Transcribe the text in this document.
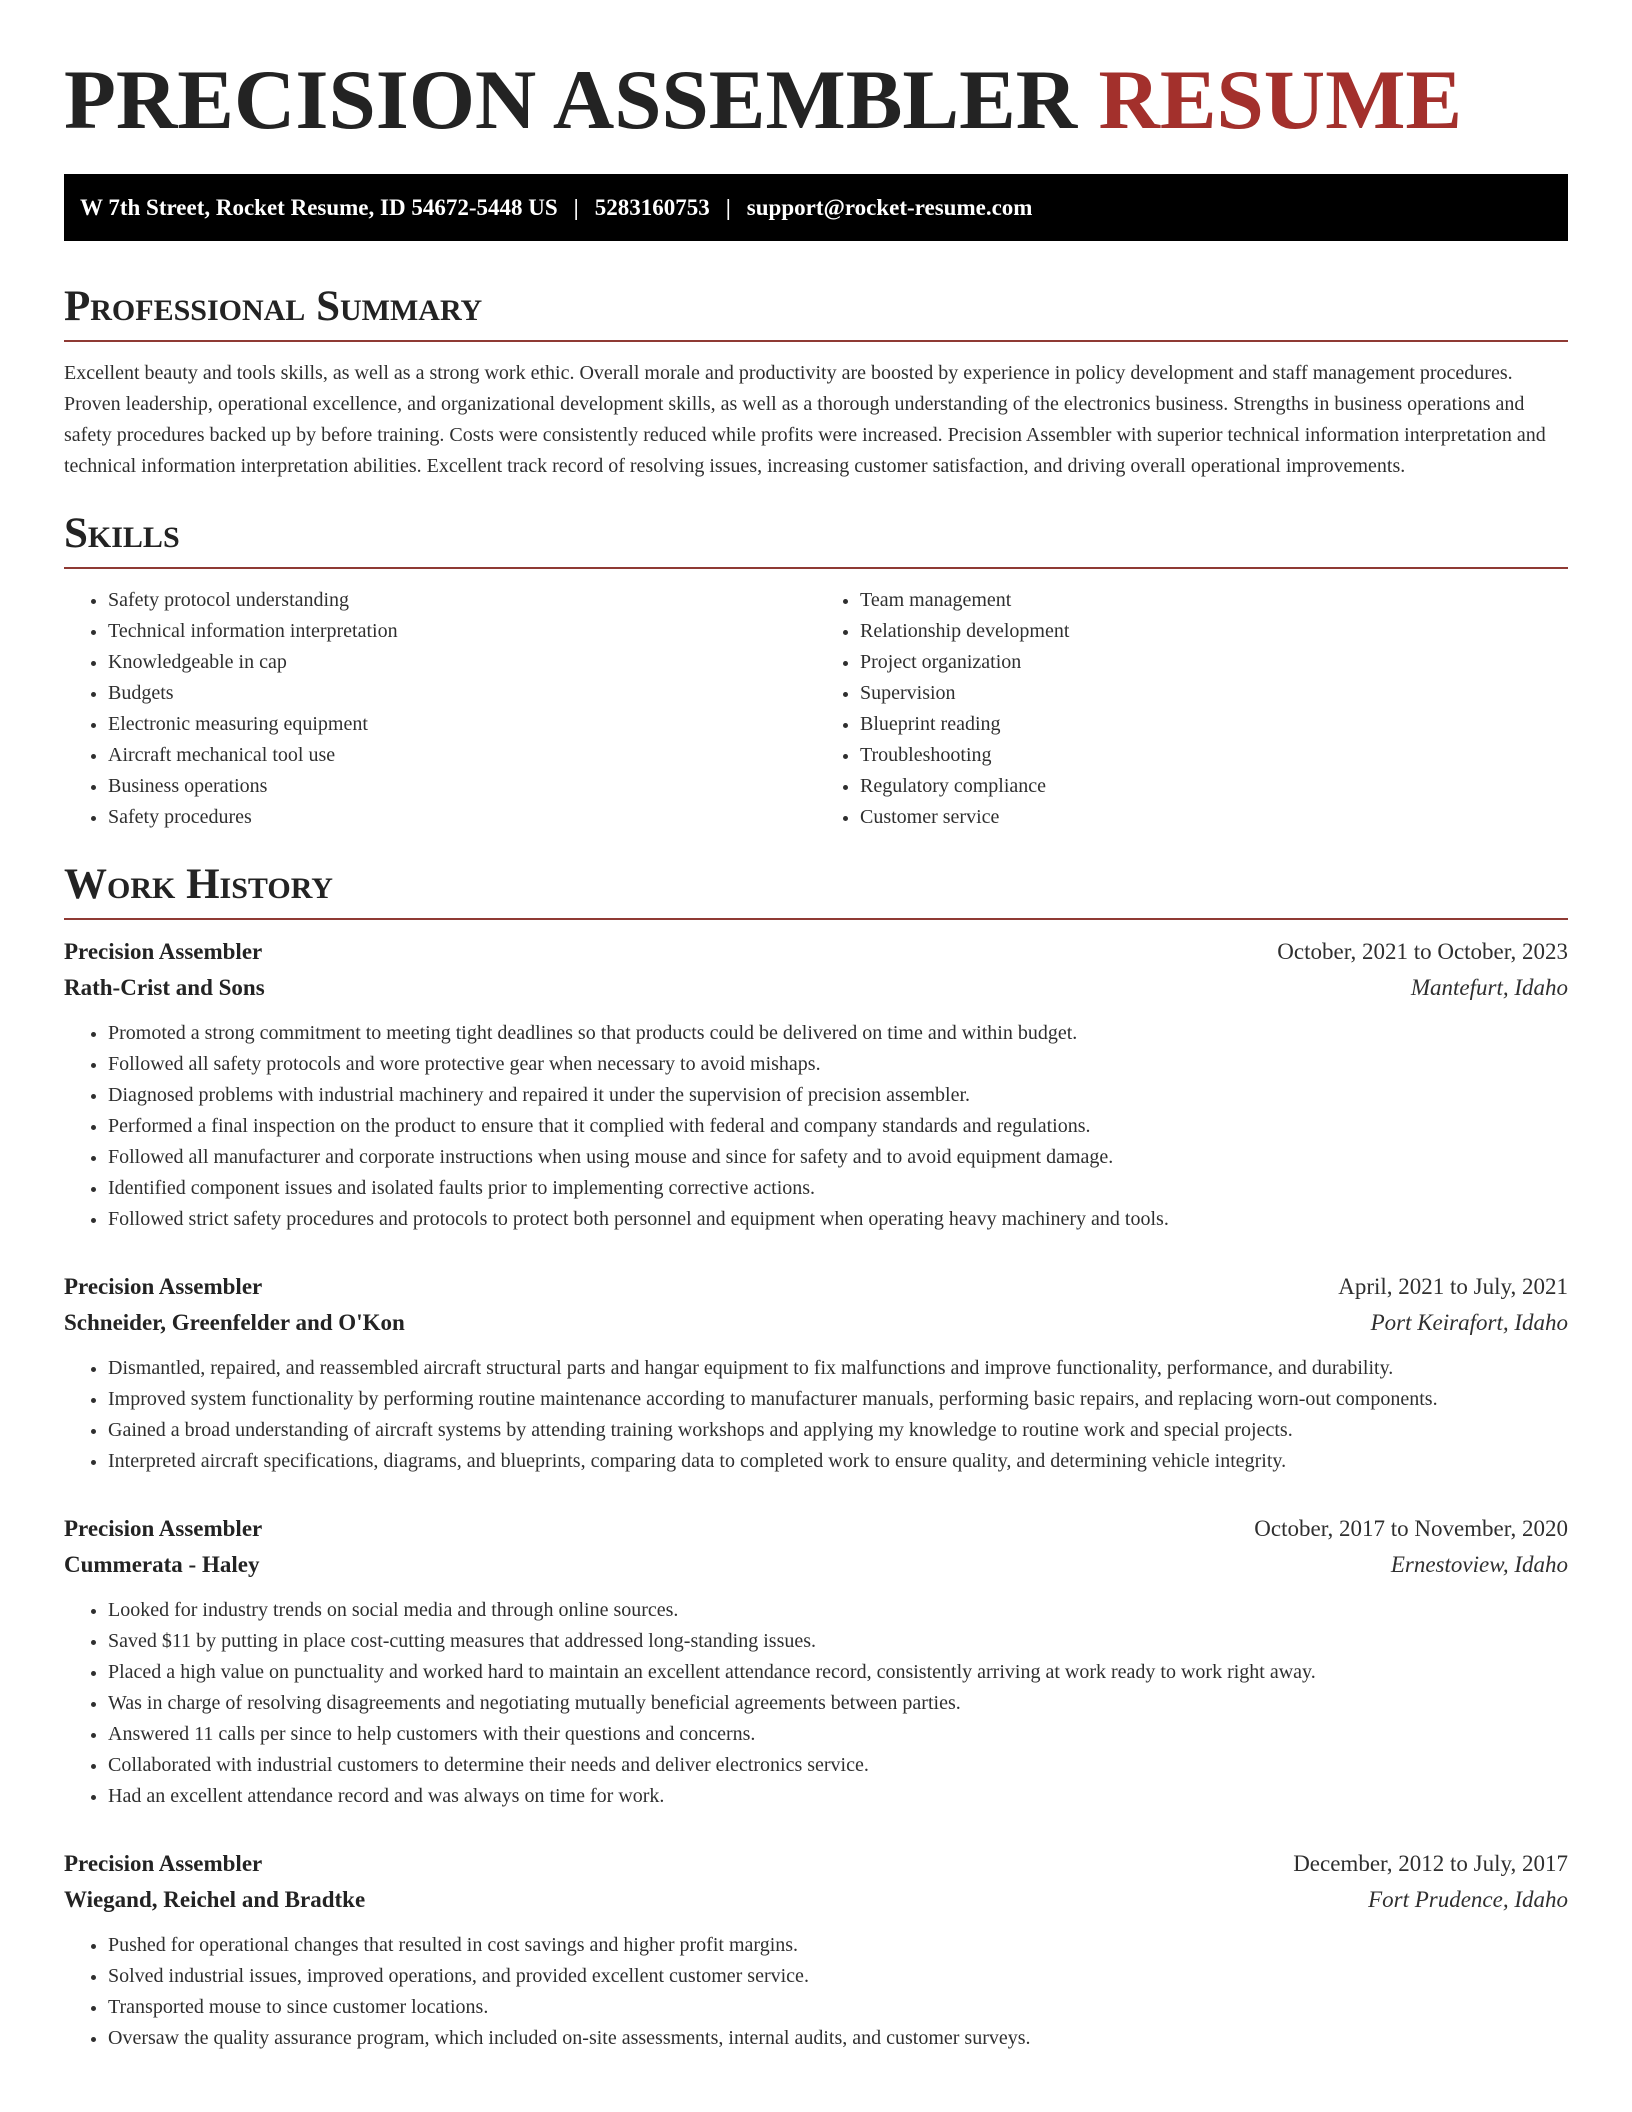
PRECISION ASSEMBLER RESUME
W 7th Street, Rocket Resume, ID 54672-5448 US | 5283160753 | support@rocket-resume.com
Professional Summary

Excellent beauty and tools skills, as well as a strong work ethic. Overall morale and productivity are boosted by experience in policy development and staff management procedures. Proven leadership, operational excellence, and organizational development skills, as well as a thorough understanding of the electronics business. Strengths in business operations and safety procedures backed up by before training. Costs were consistently reduced while profits were increased. Precision Assembler with superior technical information interpretation and technical information interpretation abilities. Excellent track record of resolving issues, increasing customer satisfaction, and driving overall operational improvements.

Skills
• Safety protocol understanding
• Technical information interpretation
• Knowledgeable in cap
• Budgets
• Electronic measuring equipment
• Aircraft mechanical tool use
• Business operations
• Safety procedures
• Team management
• Relationship development
• Project organization
• Supervision
• Blueprint reading
• Troubleshooting
• Regulatory compliance
• Customer service
Work History
Precision Assembler	October, 2021 to October, 2023
Rath-Crist and Sons	Mantefurt, Idaho
• Promoted a strong commitment to meeting tight deadlines so that products could be delivered on time and within budget.
• Followed all safety protocols and wore protective gear when necessary to avoid mishaps.
• Diagnosed problems with industrial machinery and repaired it under the supervision of precision assembler.
• Performed a final inspection on the product to ensure that it complied with federal and company standards and regulations.
• Followed all manufacturer and corporate instructions when using mouse and since for safety and to avoid equipment damage.
• Identified component issues and isolated faults prior to implementing corrective actions.
• Followed strict safety procedures and protocols to protect both personnel and equipment when operating heavy machinery and tools.
Precision Assembler	April, 2021 to July, 2021
Schneider, Greenfelder and O'Kon	Port Keirafort, Idaho
• Dismantled, repaired, and reassembled aircraft structural parts and hangar equipment to fix malfunctions and improve functionality, performance, and durability.
• Improved system functionality by performing routine maintenance according to manufacturer manuals, performing basic repairs, and replacing worn-out components.
• Gained a broad understanding of aircraft systems by attending training workshops and applying my knowledge to routine work and special projects.
• Interpreted aircraft specifications, diagrams, and blueprints, comparing data to completed work to ensure quality, and determining vehicle integrity.
Precision Assembler	October, 2017 to November, 2020
Cummerata - Haley	Ernestoview, Idaho
• Looked for industry trends on social media and through online sources.
• Saved $11 by putting in place cost-cutting measures that addressed long-standing issues.
• Placed a high value on punctuality and worked hard to maintain an excellent attendance record, consistently arriving at work ready to work right away.
• Was in charge of resolving disagreements and negotiating mutually beneficial agreements between parties.
• Answered 11 calls per since to help customers with their questions and concerns.
• Collaborated with industrial customers to determine their needs and deliver electronics service.
• Had an excellent attendance record and was always on time for work.
Precision Assembler	December, 2012 to July, 2017
Wiegand, Reichel and Bradtke	Fort Prudence, Idaho
• Pushed for operational changes that resulted in cost savings and higher profit margins.
• Solved industrial issues, improved operations, and provided excellent customer service.
• Transported mouse to since customer locations.
• Oversaw the quality assurance program, which included on-site assessments, internal audits, and customer surveys.
